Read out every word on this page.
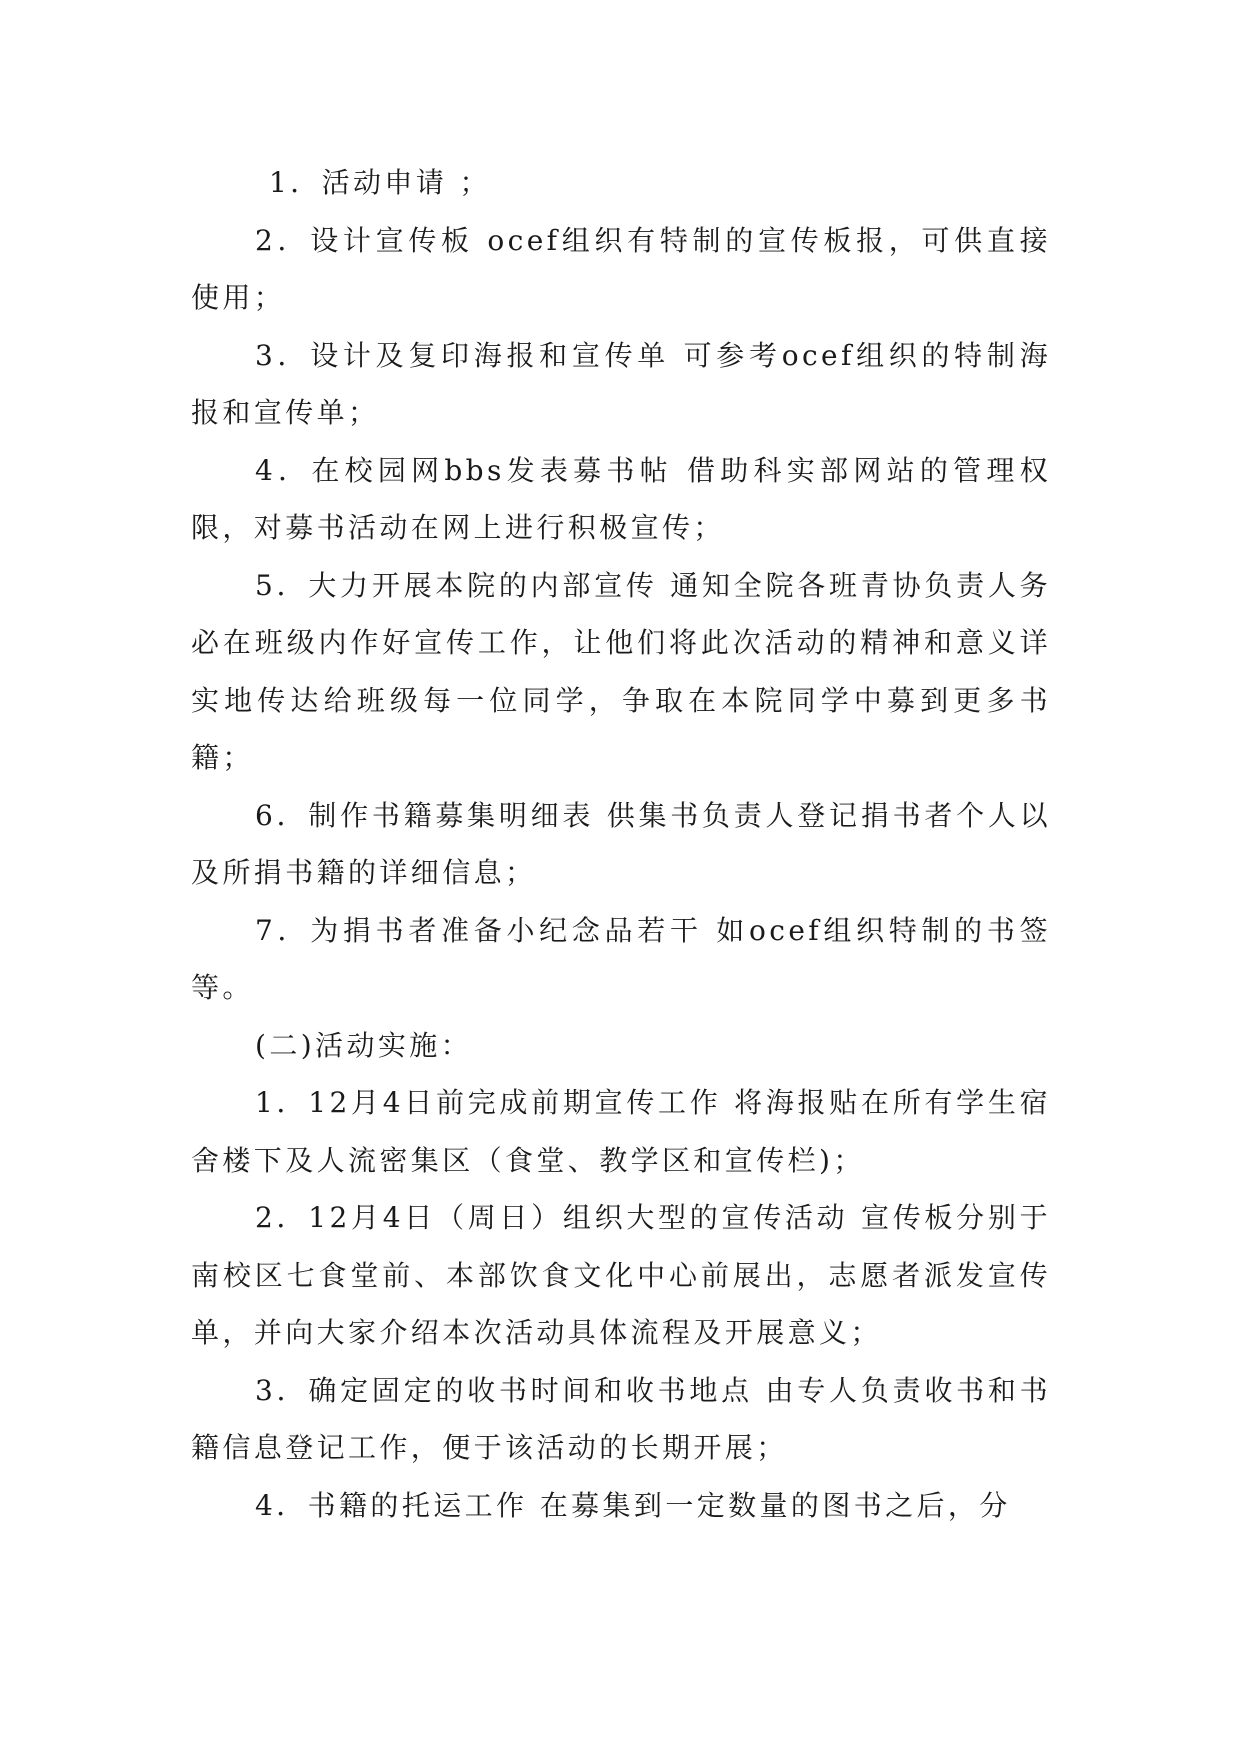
1．活动申请 ；

2．设计宣传板 ocef组织有特制的宣传板报，可供直接使用；

3．设计及复印海报和宣传单 可参考ocef组织的特制海报和宣传单；

4．在校园网bbs发表募书帖 借助科实部网站的管理权限，对募书活动在网上进行积极宣传；

5．大力开展本院的内部宣传 通知全院各班青协负责人务必在班级内作好宣传工作，让他们将此次活动的精神和意义详实地传达给班级每一位同学，争取在本院同学中募到更多书籍；

6．制作书籍募集明细表 供集书负责人登记捐书者个人以及所捐书籍的详细信息；

7．为捐书者准备小纪念品若干 如ocef组织特制的书签等。

(二)活动实施：

1．12月4日前完成前期宣传工作 将海报贴在所有学生宿舍楼下及人流密集区（食堂、教学区和宣传栏)；

2．12月4日（周日）组织大型的宣传活动 宣传板分别于南校区七食堂前、本部饮食文化中心前展出，志愿者派发宣传单，并向大家介绍本次活动具体流程及开展意义；

3．确定固定的收书时间和收书地点 由专人负责收书和书籍信息登记工作，便于该活动的长期开展；

4．书籍的托运工作 在募集到一定数量的图书之后，分
